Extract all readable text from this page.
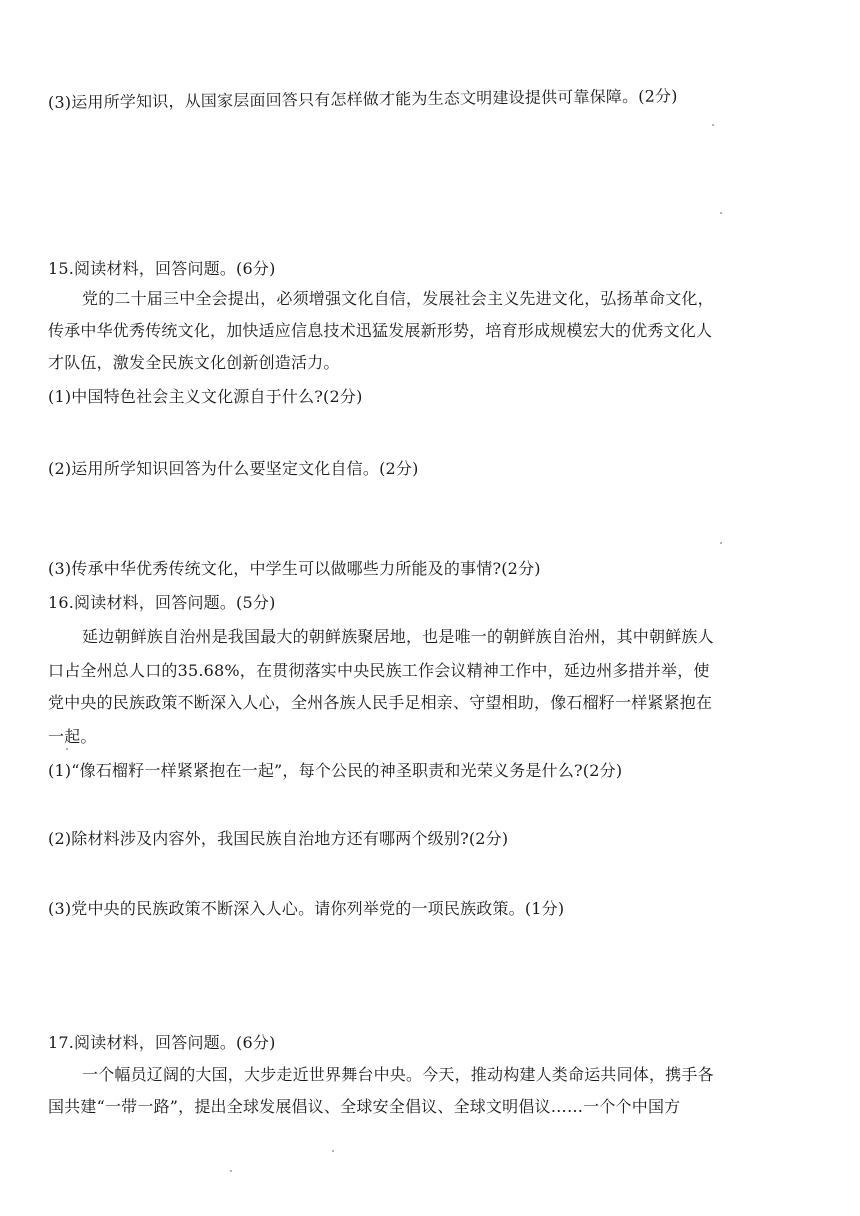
(3)运用所学知识，从国家层面回答只有怎样做才能为生态文明建设提供可靠保障。(2分)
15.阅读材料，回答问题。(6分)
党的二十届三中全会提出，必须增强文化自信，发展社会主义先进文化，弘扬革命文化，
传承中华优秀传统文化，加快适应信息技术迅猛发展新形势，培育形成规模宏大的优秀文化人
才队伍，激发全民族文化创新创造活力。
(1)中国特色社会主义文化源自于什么?(2分)
(2)运用所学知识回答为什么要坚定文化自信。(2分)
(3)传承中华优秀传统文化，中学生可以做哪些力所能及的事情?(2分)
16.阅读材料，回答问题。(5分)
延边朝鲜族自治州是我国最大的朝鲜族聚居地，也是唯一的朝鲜族自治州，其中朝鲜族人
口占全州总人口的35.68%，在贯彻落实中央民族工作会议精神工作中，延边州多措并举，使
党中央的民族政策不断深入人心，全州各族人民手足相亲、守望相助，像石榴籽一样紧紧抱在
一起。
(1)“像石榴籽一样紧紧抱在一起”，每个公民的神圣职责和光荣义务是什么?(2分)
(2)除材料涉及内容外，我国民族自治地方还有哪两个级别?(2分)
(3)党中央的民族政策不断深入人心。请你列举党的一项民族政策。(1分)
17.阅读材料，回答问题。(6分)
一个幅员辽阔的大国，大步走近世界舞台中央。今天，推动构建人类命运共同体，携手各
国共建“一带一路”，提出全球发展倡议、全球安全倡议、全球文明倡议……一个个中国方
